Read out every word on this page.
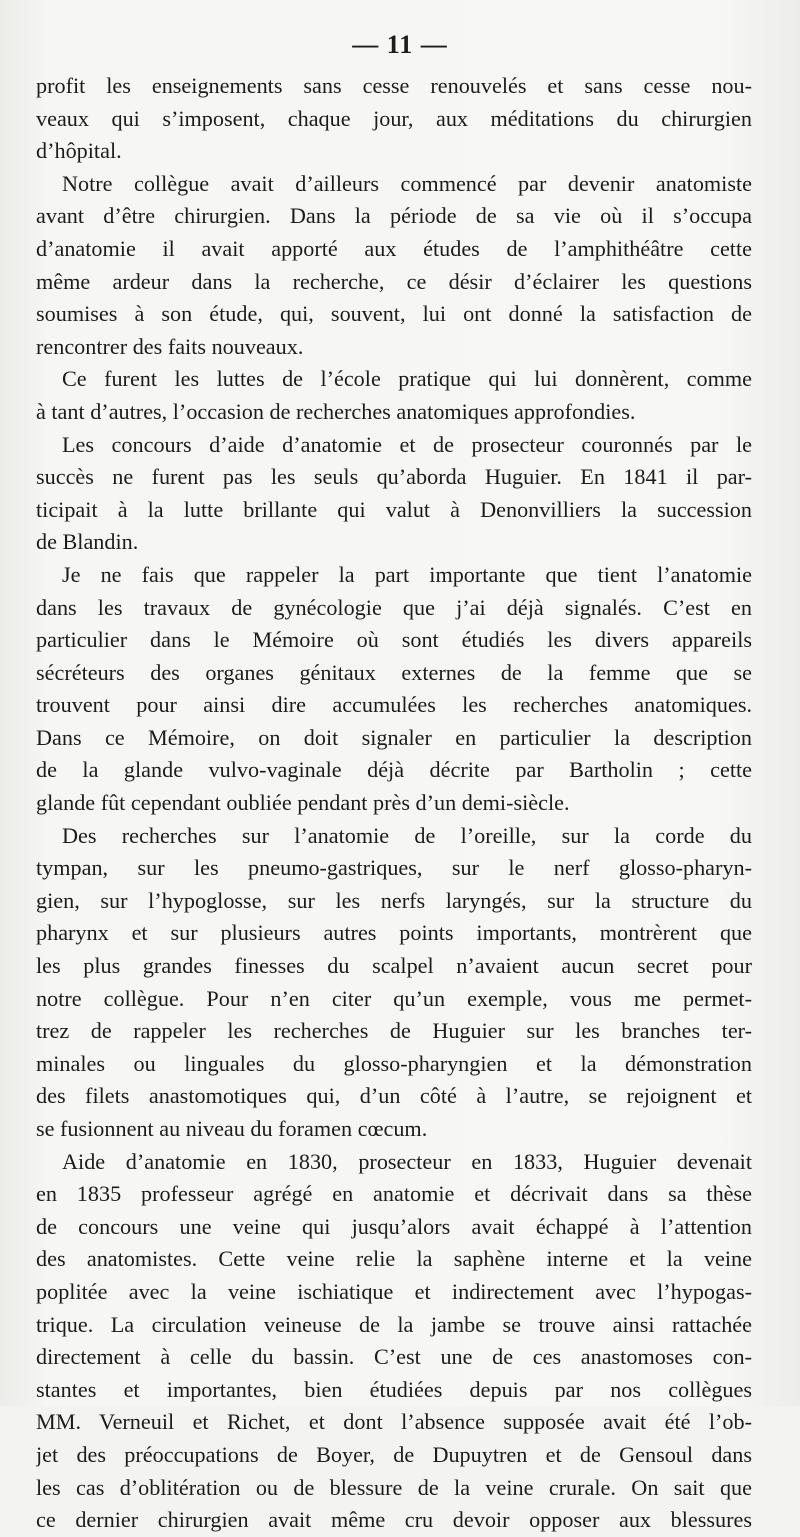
— 11 —
profit les enseignements sans cesse renouvelés et sans cesse nou-
veaux qui s’imposent, chaque jour, aux méditations du chirurgien
d’hôpital.
Notre collègue avait d’ailleurs commencé par devenir anatomiste
avant d’être chirurgien. Dans la période de sa vie où il s’occupa
d’anatomie il avait apporté aux études de l’amphithéâtre cette
même ardeur dans la recherche, ce désir d’éclairer les questions
soumises à son étude, qui, souvent, lui ont donné la satisfaction de
rencontrer des faits nouveaux.
Ce furent les luttes de l’école pratique qui lui donnèrent, comme
à tant d’autres, l’occasion de recherches anatomiques approfondies.
Les concours d’aide d’anatomie et de prosecteur couronnés par le
succès ne furent pas les seuls qu’aborda Huguier. En 1841 il par-
ticipait à la lutte brillante qui valut à Denonvilliers la succession
de Blandin.
Je ne fais que rappeler la part importante que tient l’anatomie
dans les travaux de gynécologie que j’ai déjà signalés. C’est en
particulier dans le Mémoire où sont étudiés les divers appareils
sécréteurs des organes génitaux externes de la femme que se
trouvent pour ainsi dire accumulées les recherches anatomiques.
Dans ce Mémoire, on doit signaler en particulier la description
de la glande vulvo-vaginale déjà décrite par Bartholin ; cette
glande fût cependant oubliée pendant près d’un demi-siècle.
Des recherches sur l’anatomie de l’oreille, sur la corde du
tympan, sur les pneumo-gastriques, sur le nerf glosso-pharyn-
gien, sur l’hypoglosse, sur les nerfs laryngés, sur la structure du
pharynx et sur plusieurs autres points importants, montrèrent que
les plus grandes finesses du scalpel n’avaient aucun secret pour
notre collègue. Pour n’en citer qu’un exemple, vous me permet-
trez de rappeler les recherches de Huguier sur les branches ter-
minales ou linguales du glosso-pharyngien et la démonstration
des filets anastomotiques qui, d’un côté à l’autre, se rejoignent et
se fusionnent au niveau du foramen cœcum.
Aide d’anatomie en 1830, prosecteur en 1833, Huguier devenait
en 1835 professeur agrégé en anatomie et décrivait dans sa thèse
de concours une veine qui jusqu’alors avait échappé à l’attention
des anatomistes. Cette veine relie la saphène interne et la veine
poplitée avec la veine ischiatique et indirectement avec l’hypogas-
trique. La circulation veineuse de la jambe se trouve ainsi rattachée
directement à celle du bassin. C’est une de ces anastomoses con-
stantes et importantes, bien étudiées depuis par nos collègues
MM. Verneuil et Richet, et dont l’absence supposée avait été l’ob-
jet des préoccupations de Boyer, de Dupuytren et de Gensoul dans
les cas d’oblitération ou de blessure de la veine crurale. On sait que
ce dernier chirurgien avait même cru devoir opposer aux blessures
